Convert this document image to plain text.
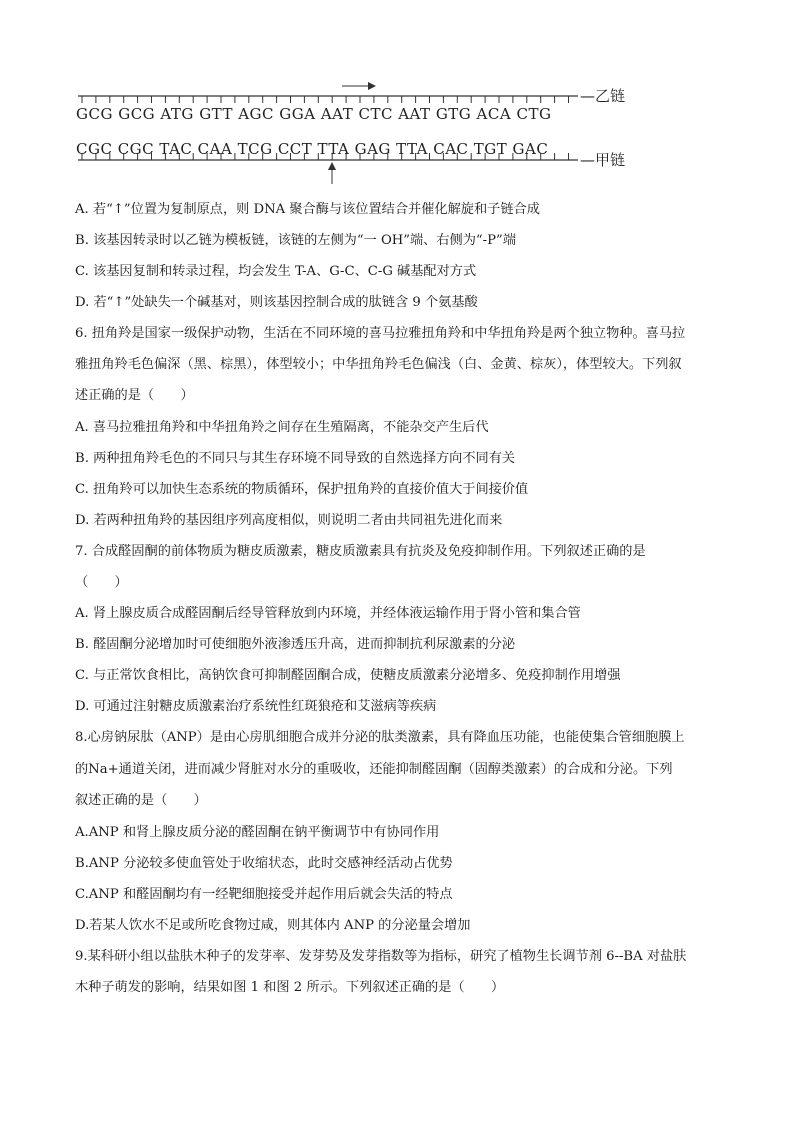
GCG GCG ATG GTT AGC GGA AAT CTC AAT GTG ACA CTG
CGC CGC TAC CAA TCG CCT TTA GAG TTA CAC TGT GAC
—乙链
—甲链
A. 若“↑”位置为复制原点，则 DNA 聚合酶与该位置结合并催化解旋和子链合成
B. 该基因转录时以乙链为模板链，该链的左侧为“一 OH”端、右侧为“-P”端
C. 该基因复制和转录过程，均会发生 T-A、G-C、C-G 碱基配对方式
D. 若“↑”处缺失一个碱基对，则该基因控制合成的肽链含 9 个氨基酸
6. 扭角羚是国家一级保护动物，生活在不同环境的喜马拉雅扭角羚和中华扭角羚是两个独立物种。喜马拉
雅扭角羚毛色偏深（黑、棕黑），体型较小；中华扭角羚毛色偏浅（白、金黄、棕灰），体型较大。下列叙
述正确的是（　　）
A. 喜马拉雅扭角羚和中华扭角羚之间存在生殖隔离，不能杂交产生后代
B. 两种扭角羚毛色的不同只与其生存环境不同导致的自然选择方向不同有关
C. 扭角羚可以加快生态系统的物质循环，保护扭角羚的直接价值大于间接价值
D. 若两种扭角羚的基因组序列高度相似，则说明二者由共同祖先进化而来
7. 合成醛固酮的前体物质为糖皮质激素，糖皮质激素具有抗炎及免疫抑制作用。下列叙述正确的是
（　　）
A. 肾上腺皮质合成醛固酮后经导管释放到内环境，并经体液运输作用于肾小管和集合管
B. 醛固酮分泌增加时可使细胞外液渗透压升高，进而抑制抗利尿激素的分泌
C. 与正常饮食相比，高钠饮食可抑制醛固酮合成，使糖皮质激素分泌增多、免疫抑制作用增强
D. 可通过注射糖皮质激素治疗系统性红斑狼疮和艾滋病等疾病
8.心房钠尿肽（ANP）是由心房肌细胞合成并分泌的肽类激素，具有降血压功能，也能使集合管细胞膜上
的Na+通道关闭，进而减少肾脏对水分的重吸收，还能抑制醛固酮（固醇类激素）的合成和分泌。下列
叙述正确的是（　　）
A.ANP 和肾上腺皮质分泌的醛固酮在钠平衡调节中有协同作用
B.ANP 分泌较多使血管处于收缩状态，此时交感神经活动占优势
C.ANP 和醛固酮均有一经靶细胞接受并起作用后就会失活的特点
D.若某人饮水不足或所吃食物过咸，则其体内 ANP 的分泌量会增加
9.某科研小组以盐肤木种子的发芽率、发芽势及发芽指数等为指标，研究了植物生长调节剂 6--BA 对盐肤
木种子萌发的影响，结果如图 1 和图 2 所示。下列叙述正确的是（　　）
